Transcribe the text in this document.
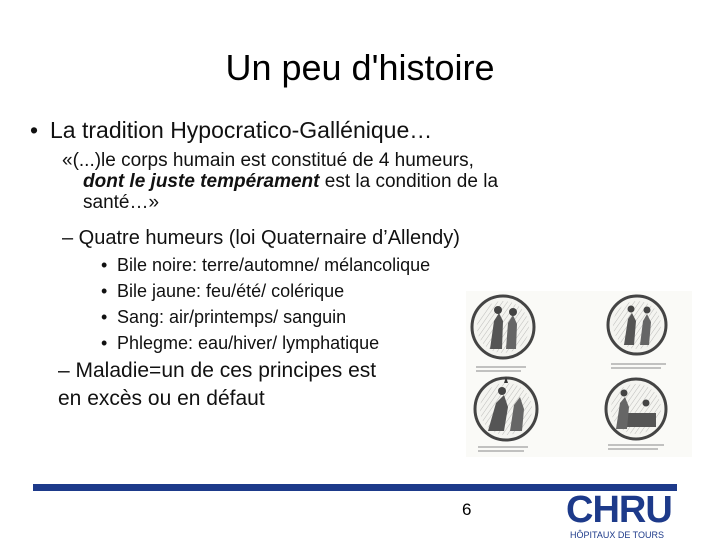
Un peu d'histoire
• La tradition Hypocratico-Gallénique…
«(...)le corps humain est constitué de 4 humeurs,
dont le juste tempérament est la condition de la
santé…»
– Quatre humeurs (loi Quaternaire d’Allendy)
• Bile noire: terre/automne/ mélancolique
• Bile jaune: feu/été/ colérique
• Sang: air/printemps/ sanguin
• Phlegme: eau/hiver/ lymphatique
– Maladie=un de ces principes est
en excès ou en défaut
6 CHRU
HÔPITAUX DE TOURS
